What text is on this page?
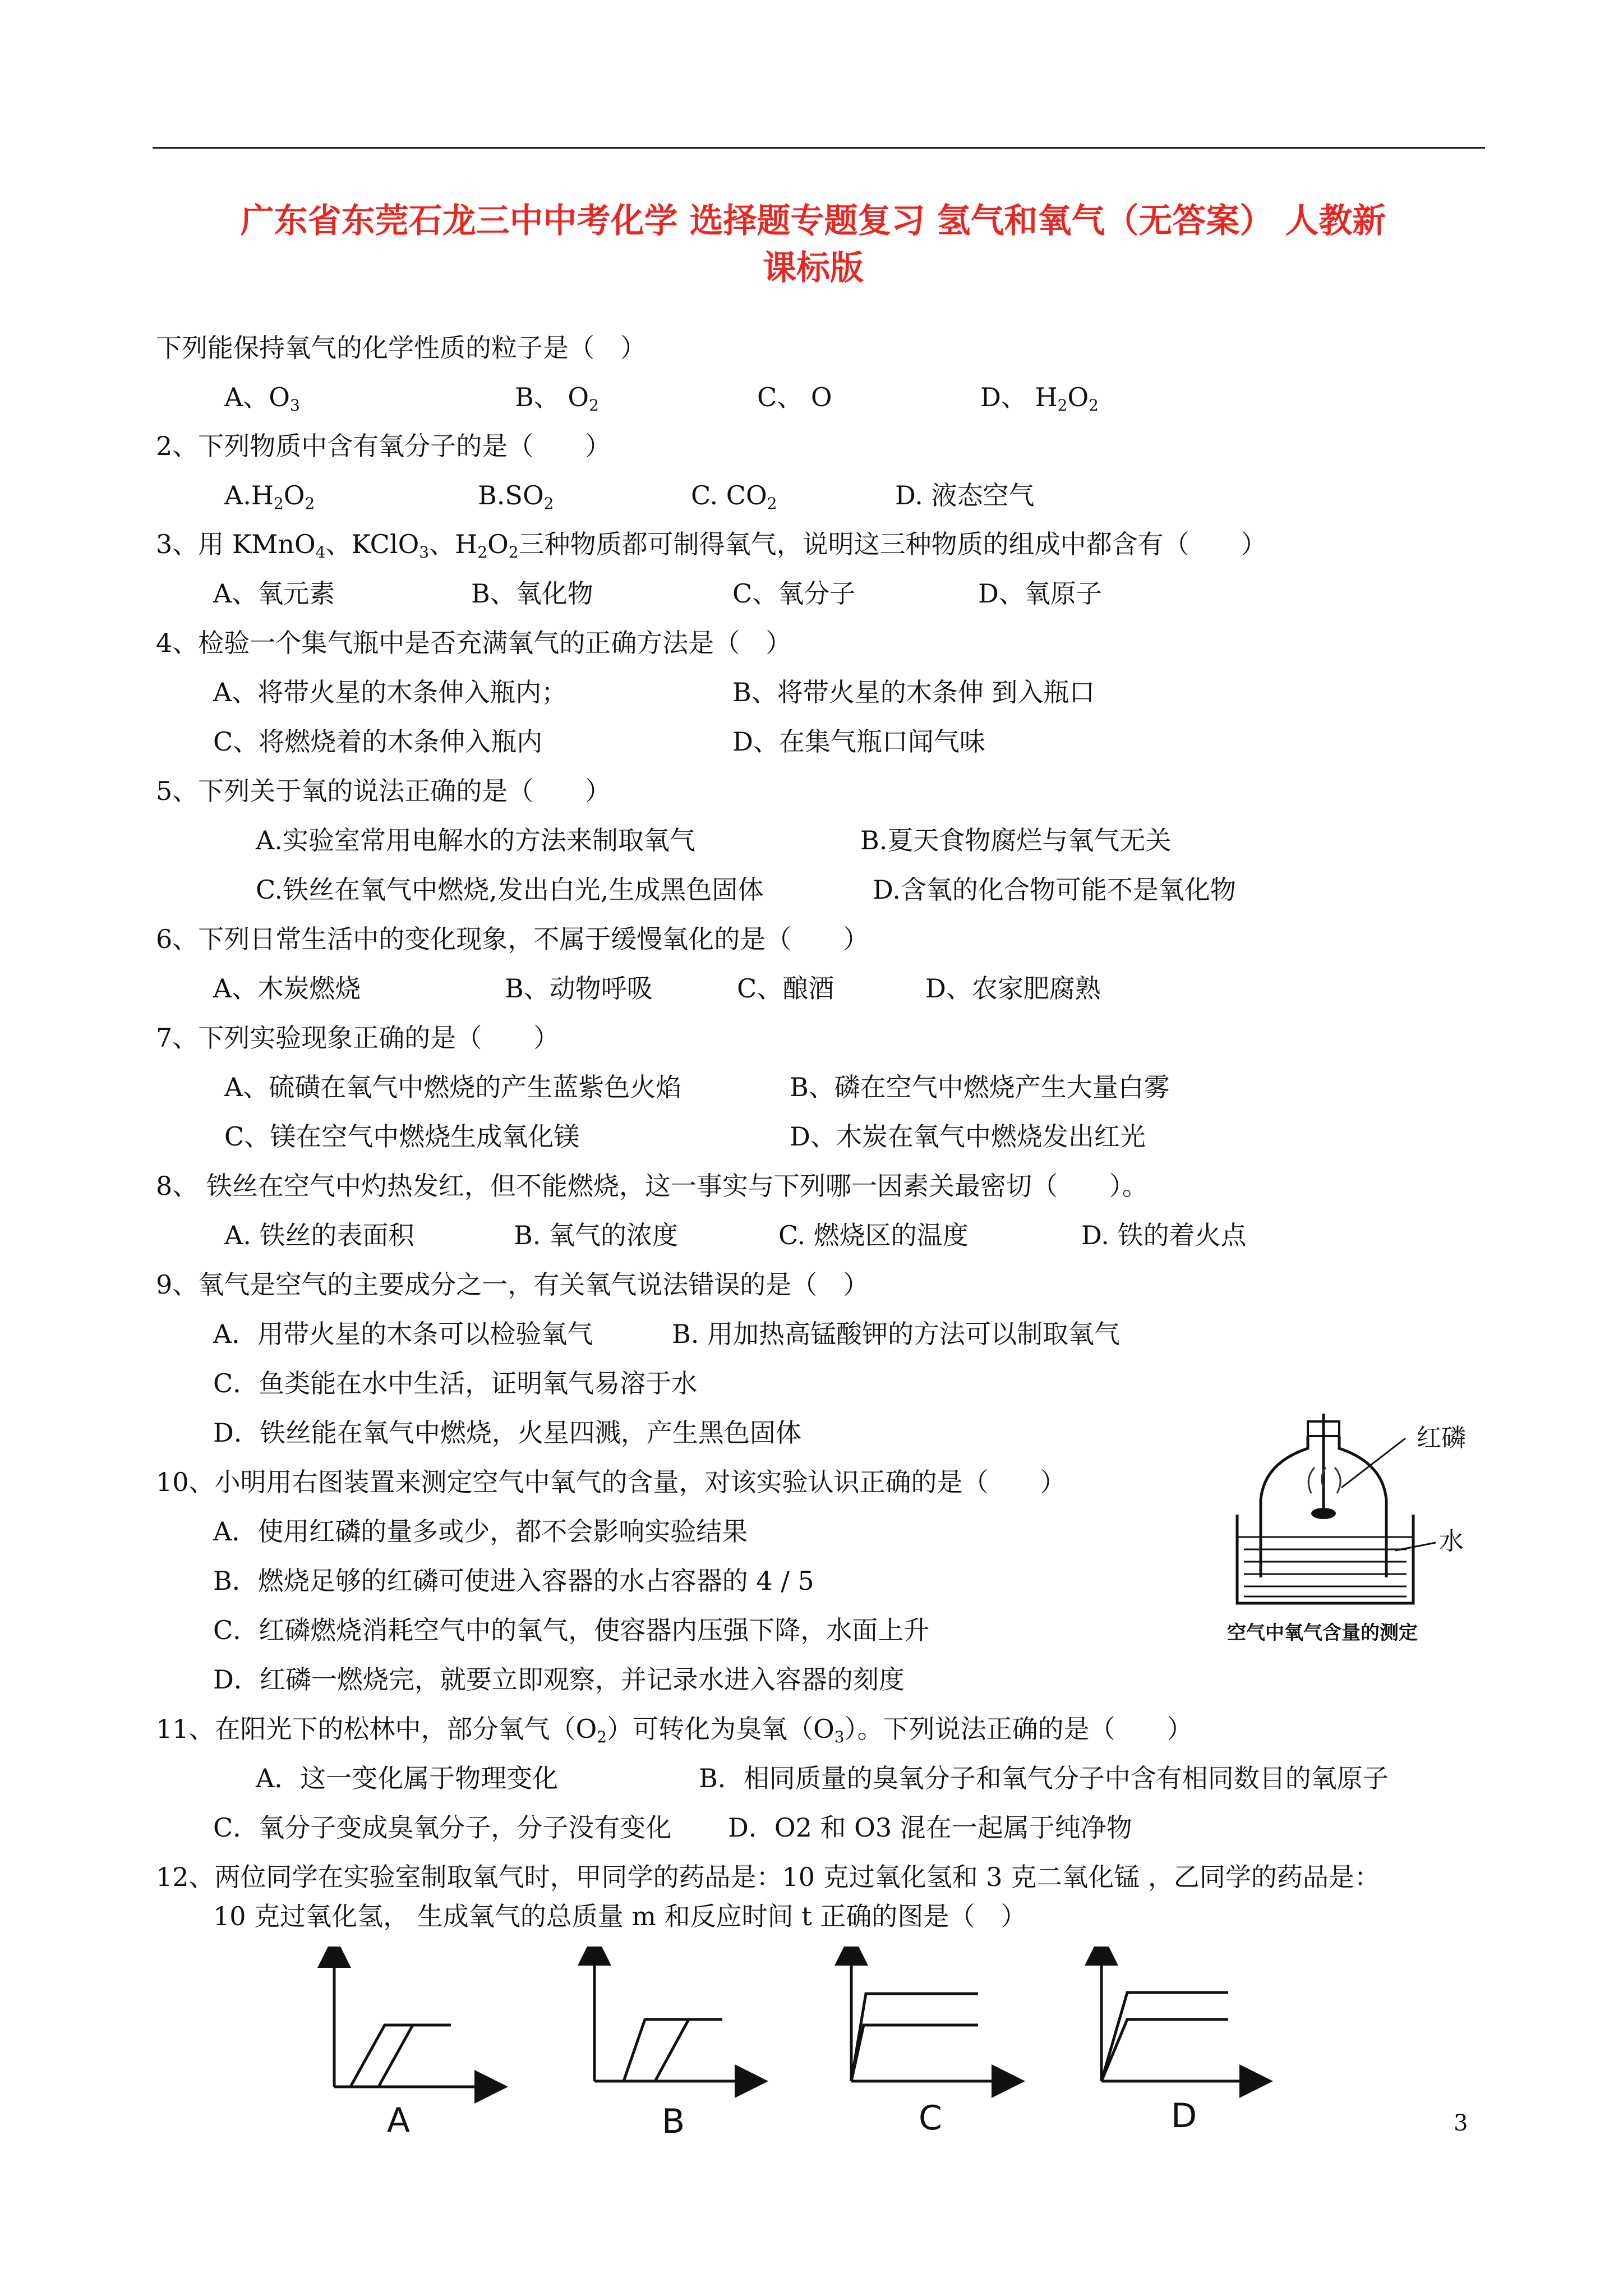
广东省东莞石龙三中中考化学 选择题专题复习 氢气和氧气（无答案） 人教新
课标版
下列能保持氧气的化学性质的粒子是（　）
A、$O_3$	B、 $O_2$	C、 O	D、 $H_2O_2$
2、下列物质中含有氧分子的是（　　）
$A.H_2O_2$	$B.SO_2$	C. $CO_2$	D. 液态空气
3、用 KMnO$_4$、KClO$_3$、$H_2O_2$三种物质都可制得氧气，说明这三种物质的组成中都含有（　　）
A、氧元素	B、氧化物	C、氧分子	D、氧原子
4、检验一个集气瓶中是否充满氧气的正确方法是（　）
A、将带火星的木条伸入瓶内；	B、将带火星的木条伸 到入瓶口
C、将燃烧着的木条伸入瓶内	D、在集气瓶口闻气味
5、下列关于氧的说法正确的是（　　）
A.实验室常用电解水的方法来制取氧气	B.夏天食物腐烂与氧气无关
C.铁丝在氧气中燃烧,发出白光,生成黑色固体	D.含氧的化合物可能不是氧化物
6、下列日常生活中的变化现象，不属于缓慢氧化的是（　　）
A、木炭燃烧	B、动物呼吸	C、酿酒	D、农家肥腐熟
7、下列实验现象正确的是（　　）
A、硫磺在氧气中燃烧的产生蓝紫色火焰	B、磷在空气中燃烧产生大量白雾
C、镁在空气中燃烧生成氧化镁	D、木炭在氧气中燃烧发出红光
8、 铁丝在空气中灼热发红，但不能燃烧，这一事实与下列哪一因素关最密切（　　）。
A. 铁丝的表面积	B. 氧气的浓度	C. 燃烧区的温度	D. 铁的着火点
9、氧气是空气的主要成分之一，有关氧气说法错误的是（　）
A．用带火星的木条可以检验氧气	B. 用加热高锰酸钾的方法可以制取氧气
C．鱼类能在水中生活，证明氧气易溶于水
D．铁丝能在氧气中燃烧，火星四溅，产生黑色固体
10、小明用右图装置来测定空气中氧气的含量，对该实验认识正确的是（　　）
A．使用红磷的量多或少，都不会影响实验结果
B．燃烧足够的红磷可使进入容器的水占容器的 4 / 5
C．红磷燃烧消耗空气中的氧气，使容器内压强下降，水面上升
D．红磷一燃烧完，就要立即观察，并记录水进入容器的刻度
红磷
水
空气中氧气含量的测定
11、在阳光下的松林中，部分氧气$(O_2)$可转化为臭氧$(O_3)$。下列说法正确的是（　　）
A．这一变化属于物理变化	B．相同质量的臭氧分子和氧气分子中含有相同数目的氧原子
C．氧分子变成臭氧分子，分子没有变化 D．O2 和 O3 混在一起属于纯净物
12、两位同学在实验室制取氧气时，甲同学的药品是：10 克过氧化氢和 3 克二氧化锰 ，乙同学的药品是：
10 克过氧化氢， 生成氧气的总质量 m 和反应时间 t 正确的图是（　）
A	B	C	D	3
